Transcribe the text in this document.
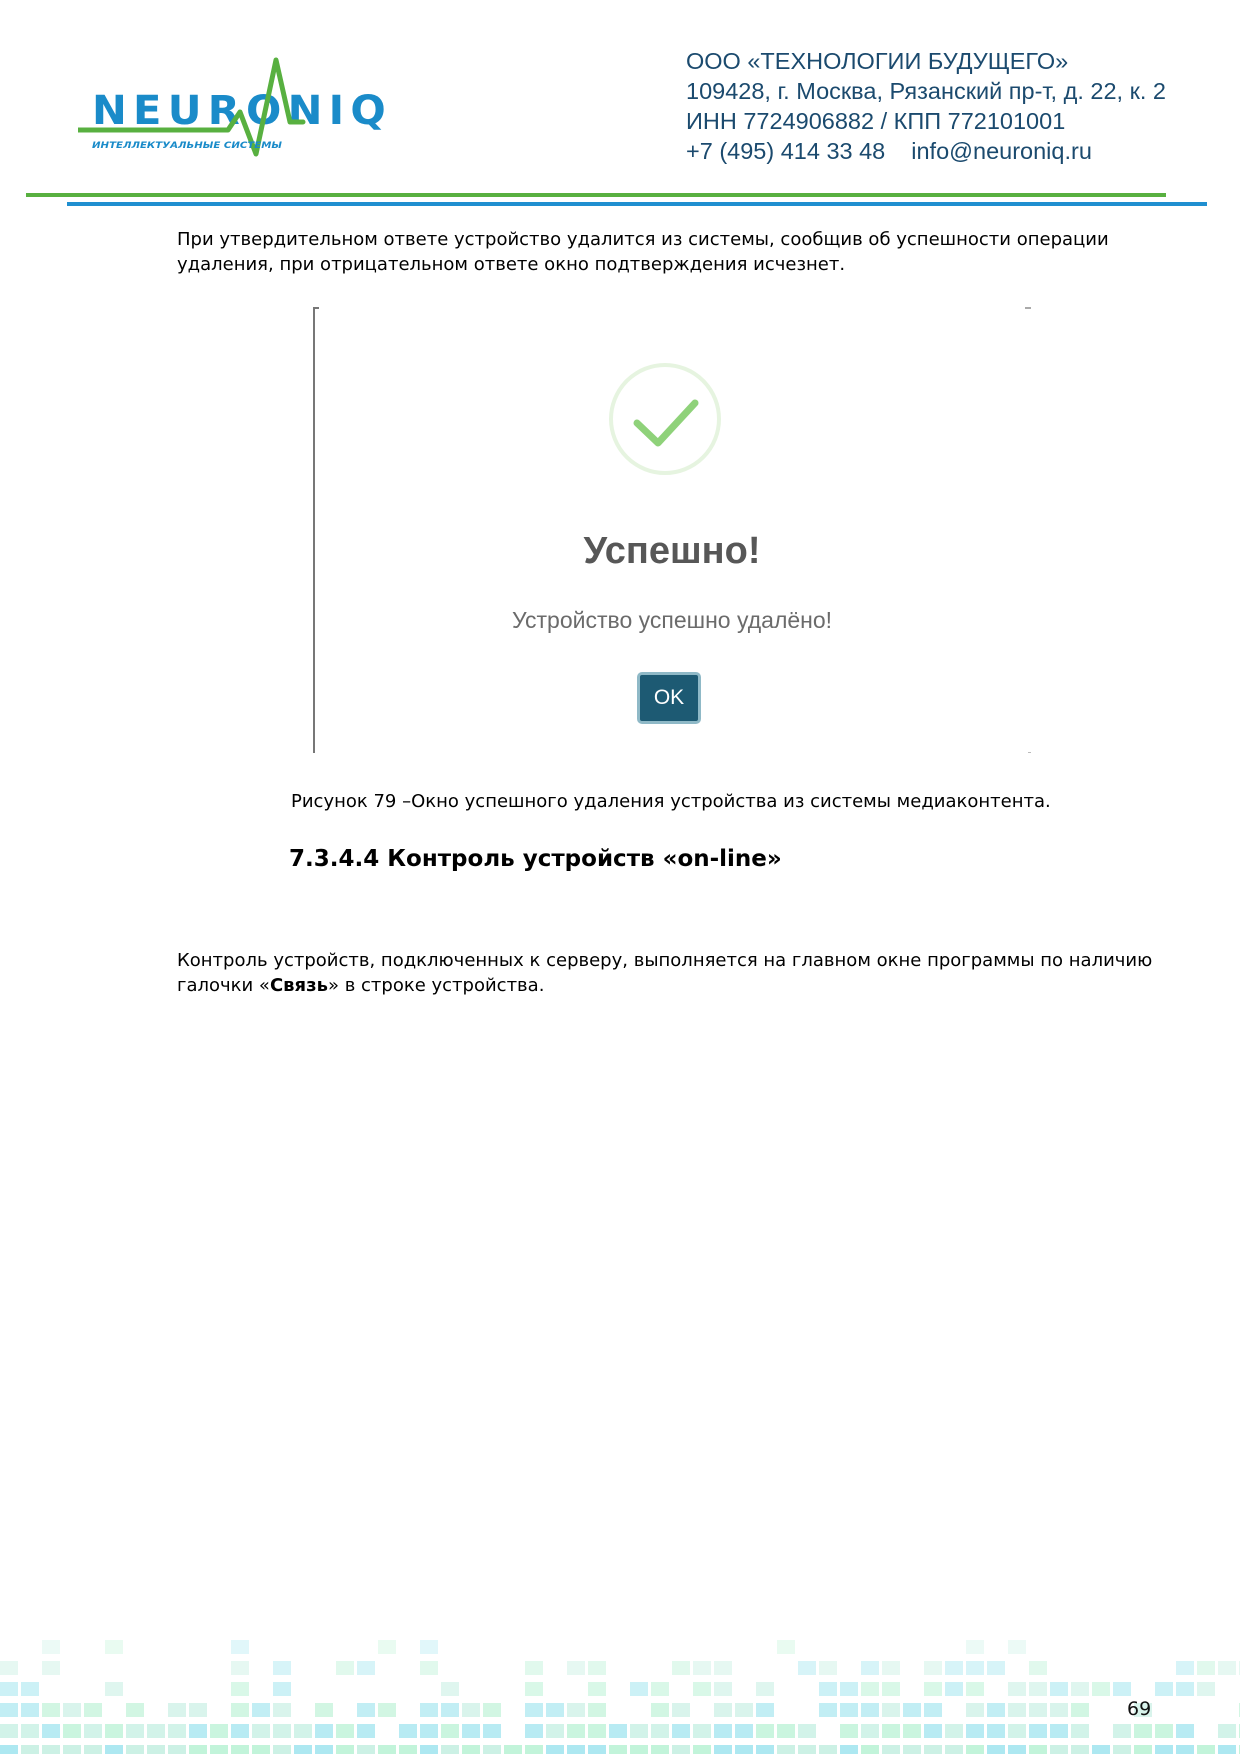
NEURONIQ
ИНТЕЛЛЕКТУАЛЬНЫЕ СИСТЕМЫ
ООО «ТЕХНОЛОГИИ БУДУЩЕГО»
109428, г. Москва, Рязанский пр-т, д. 22, к. 2
ИНН 7724906882 / КПП 772101001
+7 (495) 414 33 48 info@neuroniq.ru
При утвердительном ответе устройство удалится из системы, сообщив об успешности операции удаления, при отрицательном ответе окно подтверждения исчезнет.
Успешно!
Устройство успешно удалёно!
OK
Рисунок 79 –Окно успешного удаления устройства из системы медиаконтента.
7.3.4.4 Контроль устройств «on-line»
Контроль устройств, подключенных к серверу, выполняется на главном окне программы по наличию галочки «Связь» в строке устройства.
69
